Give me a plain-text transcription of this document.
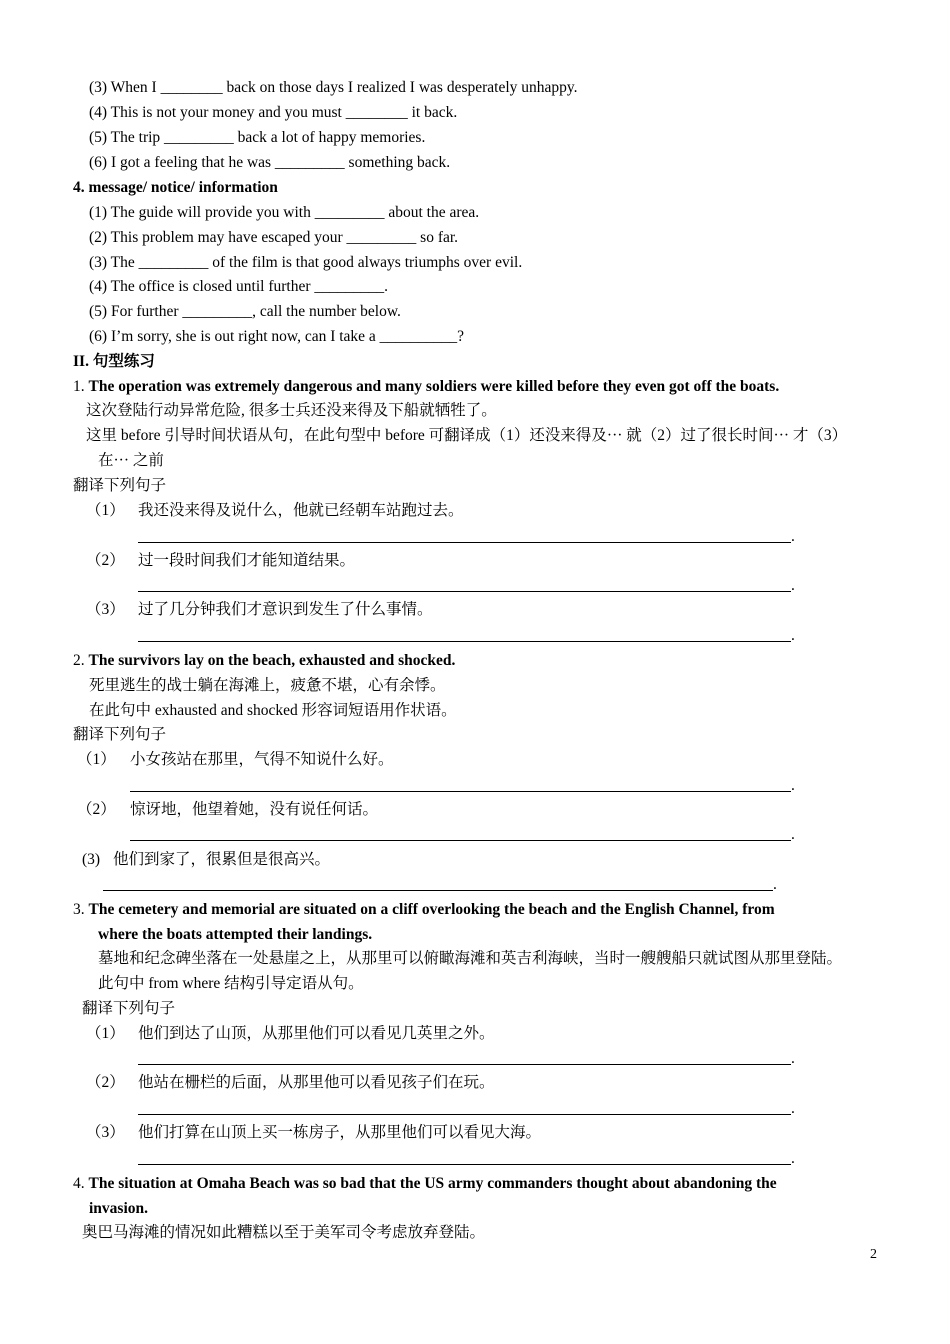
(3) When I ________ back on those days I realized I was desperately unhappy.
(4) This is not your money and you must ________ it back.
(5) The trip _________ back a lot of happy memories.
(6) I got a feeling that he was _________ something back.
4. message/ notice/ information
(1) The guide will provide you with _________ about the area.
(2) This problem may have escaped your _________ so far.
(3) The _________ of the film is that good always triumphs over evil.
(4) The office is closed until further _________.
(5) For further _________, call the number below.
(6) I’m sorry, she is out right now, can I take a __________?
II. 句型练习
1. The operation was extremely dangerous and many soldiers were killed before they even got off the boats.
这次登陆行动异常危险, 很多士兵还没来得及下船就牺牲了。
这里 before 引导时间状语从句，在此句型中 before 可翻译成（1）还没来得及··· 就（2）过了很长时间··· 才（3）
在··· 之前
翻译下列句子
（1） 我还没来得及说什么，他就已经朝车站跑过去。
.
（2） 过一段时间我们才能知道结果。
.
（3） 过了几分钟我们才意识到发生了什么事情。
.
2. The survivors lay on the beach, exhausted and shocked.
死里逃生的战士躺在海滩上，疲惫不堪，心有余悸。
在此句中 exhausted and shocked 形容词短语用作状语。
翻译下列句子
（1） 小女孩站在那里，气得不知说什么好。
.
（2） 惊讶地，他望着她，没有说任何话。
.
(3) 他们到家了，很累但是很高兴。
.
3. The cemetery and memorial are situated on a cliff overlooking the beach and the English Channel, from
where the boats attempted their landings.
墓地和纪念碑坐落在一处悬崖之上，从那里可以俯瞰海滩和英吉利海峡，当时一艘艘船只就试图从那里登陆。
此句中 from where 结构引导定语从句。
翻译下列句子
（1） 他们到达了山顶，从那里他们可以看见几英里之外。
.
（2） 他站在栅栏的后面，从那里他可以看见孩子们在玩。
.
（3） 他们打算在山顶上买一栋房子，从那里他们可以看见大海。
.
4. The situation at Omaha Beach was so bad that the US army commanders thought about abandoning the
invasion.
奥巴马海滩的情况如此糟糕以至于美军司令考虑放弃登陆。
2
